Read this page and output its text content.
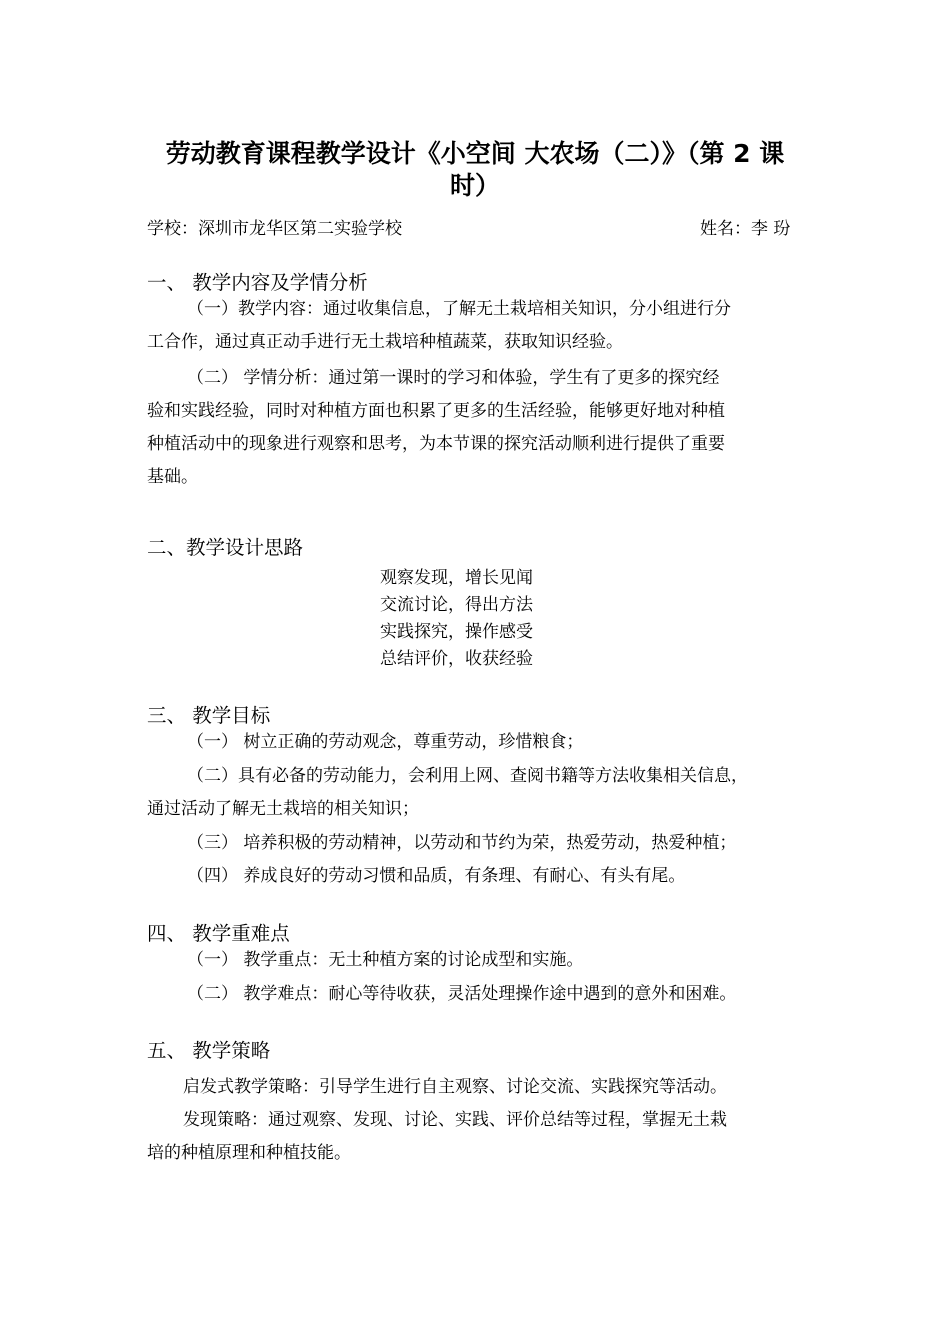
劳动教育课程教学设计《小空间 大农场（二）》（第 2 课
时）
学校：深圳市龙华区第二实验学校	姓名：李 玢
一、 教学内容及学情分析
（一）教学内容：通过收集信息，了解无土栽培相关知识，分小组进行分
工合作，通过真正动手进行无土栽培种植蔬菜，获取知识经验。
（二） 学情分析：通过第一课时的学习和体验，学生有了更多的探究经
验和实践经验，同时对种植方面也积累了更多的生活经验，能够更好地对种植
种植活动中的现象进行观察和思考，为本节课的探究活动顺利进行提供了重要
基础。
二、教学设计思路
观察发现，增长见闻
交流讨论，得出方法
实践探究，操作感受
总结评价，收获经验
三、 教学目标
（一） 树立正确的劳动观念，尊重劳动，珍惜粮食；
（二）具有必备的劳动能力，会利用上网、查阅书籍等方法收集相关信息，
通过活动了解无土栽培的相关知识；
（三） 培养积极的劳动精神，以劳动和节约为荣，热爱劳动，热爱种植；
（四） 养成良好的劳动习惯和品质，有条理、有耐心、有头有尾。
四、 教学重难点
（一） 教学重点：无土种植方案的讨论成型和实施。
（二） 教学难点：耐心等待收获，灵活处理操作途中遇到的意外和困难。
五、 教学策略
启发式教学策略：引导学生进行自主观察、讨论交流、实践探究等活动。
发现策略：通过观察、发现、讨论、实践、评价总结等过程，掌握无土栽
培的种植原理和种植技能。
